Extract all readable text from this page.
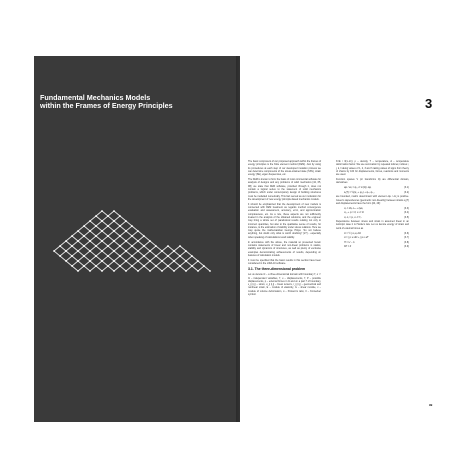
Fundamental Mechanics Models
within the Frames of Energy Principles	3

The basic component of our proposed approach within the frames of energy principles is the finite element method (FEM). Just by using its procedures at each step of our developed mutation process we can determine components of the stress-strained state (SSS), strain energy (SE), eigen-frequencies, etc.

The FEM is known to form the basis of most commercial software for analysis of designs and any problems of solid mechanics [42, 65, 98]; we state that FEM software, provided through it, does not contain a logical series to the statement of solid mechanics problems, which under contemporary design of building structures must be modelled numerically. This fact served as our motivation for the development of new energy principle-based mechanics models.

It should be emphasized that the development of new models is connected with FEM treatment as regards method convergence evaluation and assessment, accuracy, error, and approximation completeness, etc. As a rule, these aspects are not sufficiently treated in the analysis of the obtained solutions, and the engineer may bring a whole set of paradoxical results relating not only to incorrect quantities, but also to the qualitative sense of results, for instance, to the estimation of stability under stress relations. Here we may quote the mathematician George Pólya: "do not believe anything, but doubt only what is worth doubting" [27] - especially when speaking of calculations result validity.

In accordance with the above, the material so presented herein contains statements of linear and non-linear problems in statics, stability and dynamics of structures, as well as plenty of exclusive examples demonstrating achievements of results, depending on features of calculation models.

It must be specified that the basic results in this section have been considered in the LIRA-10 software.

3.1. The three-dimensional problem

Let us denote Ω – a three-dimensional domain with boundary Γ, σ ⊂ Ω – independent variables, Γ, u – displacements, Γ, P – possible displacements, p – external forces in Ω and on a part Γ of boundary, ε_ij (i,j) – strain, σ_ij (i,j) – linear tensors, r_ij (i,j) – geometrical and nonlinear strain, E – module of elasticity, G – shear module, ν – module of volume deformation, α – Poisson's ratio, δ – Kronecker symbol.

K=E / 3(1−2ν); ρ – density, T – temperature, Δ – temperature deformation factor. We use summation by repeated indices; indices i, j, k, l taking values of 1, 2, 3 and h taking values of signs from theory of chains by 100 for displacements, forces, reactions and moments are used.

Function spaces V (or transforms Ω) are differential domain, derivatives

∂φᵢ / ∂xⱼ = φᵢ,ⱼ ∈ L²(Ω), ∂φᵢ,	(3.1)
εᵢⱼ(T) = ½(φᵢ,ⱼ + φⱼ,ᵢ) + φₖ,ᵢ φₖ,ⱼ	(3.2)

are bounded, matrix determinant with element ∂φᵢ / ∂xⱼ is positive. Green's dependences (geometric non-linearity) between strains εᵢⱼ(T) and displacements have the form [44, 49]:

σᵢⱼ = λδᵢⱼ εₖₖ + 2μεᵢⱼ	(3.3)
σᵢⱼ,ⱼ + pᵢ = 0, xᵢ ∈ Ω	(3.4)
σᵢⱼ nⱼ = pᵢ, xᵢ ∈ Γₚ	(3.5)

Dependence between stress and strain in assumed linear in an isotropic case it is Hooke's law. Let us denote energy of strain and work of external forces as

U = ½ ∫ σᵢⱼ εᵢⱼ dΩ	(3.6)
A = ∫ pᵢ uᵢ dΩ + ∫ pᵢ uᵢ dΓ	(3.7)
Π = U − A	(3.8)
δΠ = 0	(3.9)
99
